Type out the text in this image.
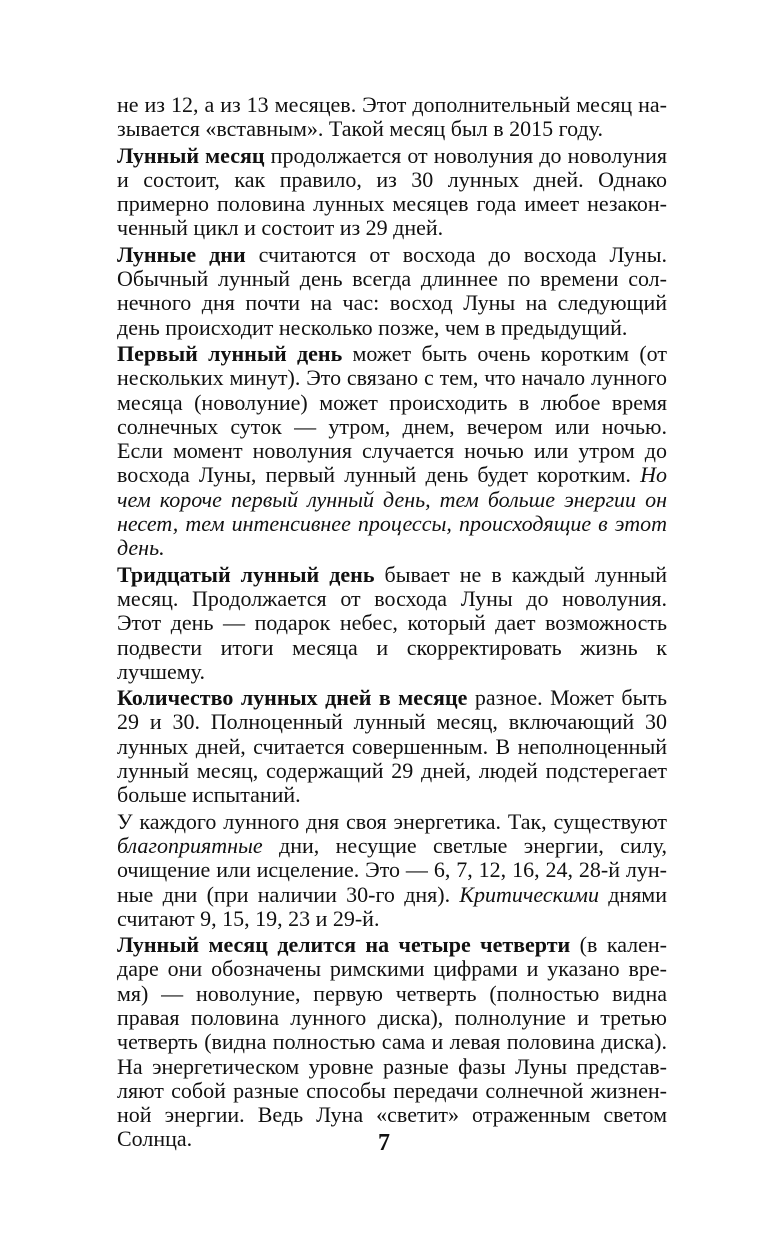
не из 12, а из 13 месяцев. Этот дополнительный месяц называется «вставным». Такой месяц был в 2015 году.

Лунный месяц продолжается от новолуния до новолуния и состоит, как правило, из 30 лунных дней. Однако примерно половина лунных месяцев года имеет незаконченный цикл и состоит из 29 дней.

Лунные дни считаются от восхода до восхода Луны. Обычный лунный день всегда длиннее по времени солнечного дня почти на час: восход Луны на следующий день происходит несколько позже, чем в предыдущий.

Первый лунный день может быть очень коротким (от нескольких минут). Это связано с тем, что начало лунного месяца (новолуние) может происходить в любое время солнечных суток — утром, днем, вечером или ночью. Если момент новолуния случается ночью или утром до восхода Луны, первый лунный день будет коротким. Но чем короче первый лунный день, тем больше энергии он несет, тем интенсивнее процессы, происходящие в этот день.

Тридцатый лунный день бывает не в каждый лунный месяц. Продолжается от восхода Луны до новолуния. Этот день — подарок небес, который дает возможность подвести итоги месяца и скорректировать жизнь к лучшему.

Количество лунных дней в месяце разное. Может быть 29 и 30. Полноценный лунный месяц, включающий 30 лунных дней, считается совершенным. В неполноценный лунный месяц, содержащий 29 дней, людей подстерегает больше испытаний.

У каждого лунного дня своя энергетика. Так, существуют благоприятные дни, несущие светлые энергии, силу, очищение или исцеление. Это — 6, 7, 12, 16, 24, 28-й лунные дни (при наличии 30-го дня). Критическими днями считают 9, 15, 19, 23 и 29-й.

Лунный месяц делится на четыре четверти (в календаре они обозначены римскими цифрами и указано время) — новолуние, первую четверть (полностью видна правая половина лунного диска), полнолуние и третью четверть (видна полностью сама и левая половина диска). На энергетическом уровне разные фазы Луны представляют собой разные способы передачи солнечной жизненной энергии. Ведь Луна «светит» отраженным светом Солнца.	7
